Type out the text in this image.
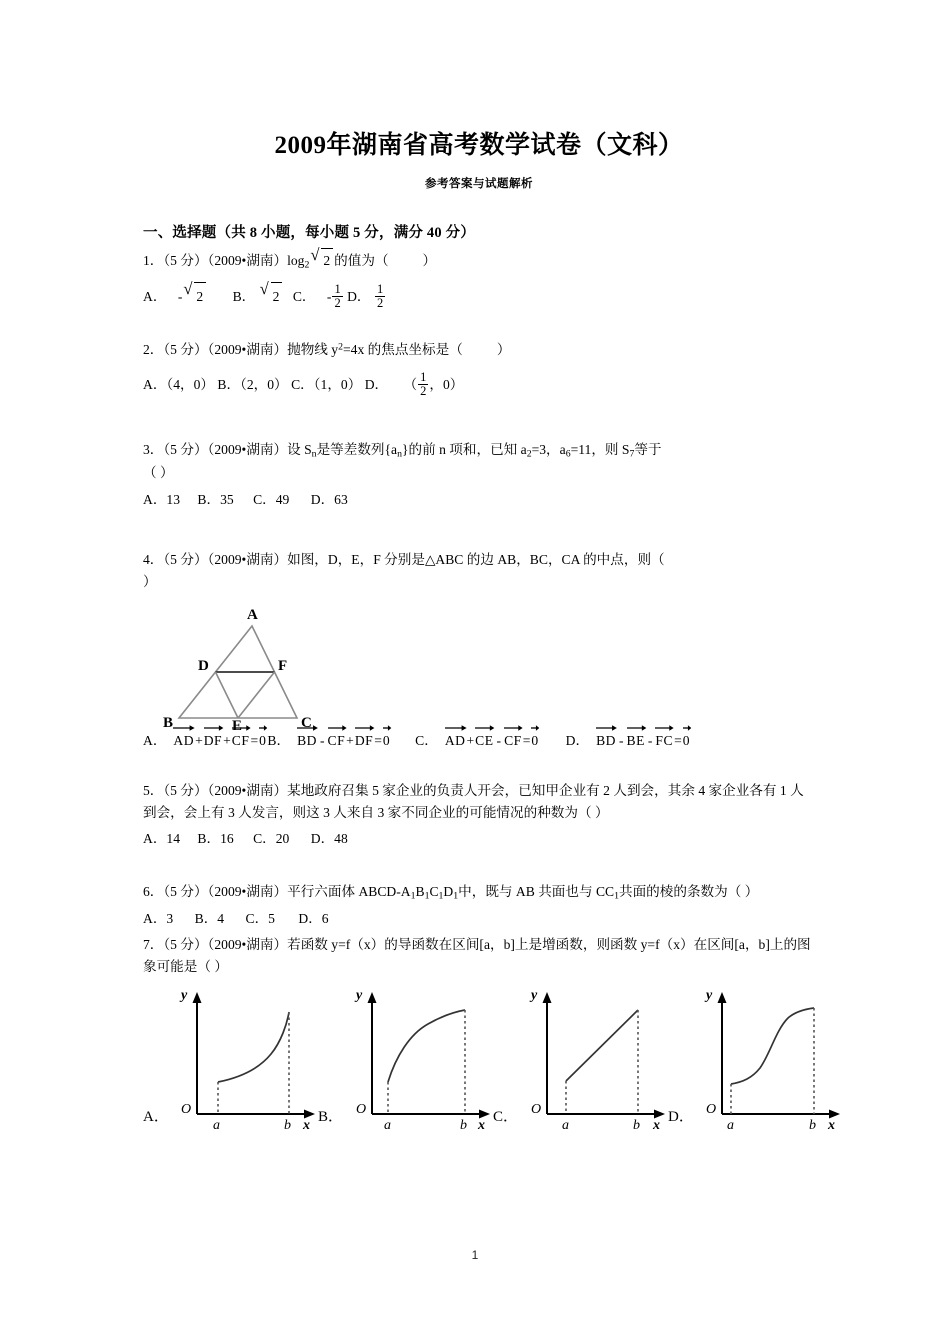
2009年湖南省高考数学试卷（文科）
参考答案与试题解析
一、选择题（共 8 小题，每小题 5 分，满分 40 分）
1．（5 分）（2009•湖南）$\log_2$
√ 2 的值为（	）
A． - √ 2 B． √ 2 C． - $\frac{1}{2}$ D． $\frac{1}{2}$
2．（5 分）（2009•湖南）抛物线 $y^2=4x$ 的焦点坐标是（	）
A．（4，0） B．（2，0） C．（1，0） D． （ $\frac{1}{2}$ ，0）
3．（5 分）（2009•湖南）设 $S_n$是等差数列$\{a_n\}$的前 n 项和，已知 $a_2=3$，$a_6=11$，则 $S_7$等于
（ ）
A．13 B．35 C．49 D．63
4．（5 分）（2009•湖南）如图，D，E，F 分别是△ABC 的边 AB，BC，CA 的中点，则（
）
A
B	C
D
E
F
A． AD+
DF+
CF=
0B． BD - CF+
DF=
0 C． AD+
CE - CF=
0 D． BD - BE - FC=
0
5．（5 分）（2009•湖南）某地政府召集 5 家企业的负责人开会，已知甲企业有 2 人到会，其余 4 家企业各有 1 人到会，会上有 3 人发言，则这 3 人来自 3 家不同企业的可能情况的种数为（ ）
A．14 B．16 C．20 D．48
6．（5 分）（2009•湖南）平行六面体 $ABCD‑A_1B_1C_1D_1$中，既与 AB 共面也与 $CC_1$共面的棱的条数为（ ）
A．3 B．4 C．5 D．6
7．（5 分）（2009•湖南）若函数 y=f（x）的导函数在区间[a，b]上是增函数，则函数 y=f（x）在区间[a，b]上的图象可能是（ ）
A．
y
x
O
a	b
B．
y
x
O
a	b
C．
y
x
O
a	b
D．
y
x
O
a	b
1
